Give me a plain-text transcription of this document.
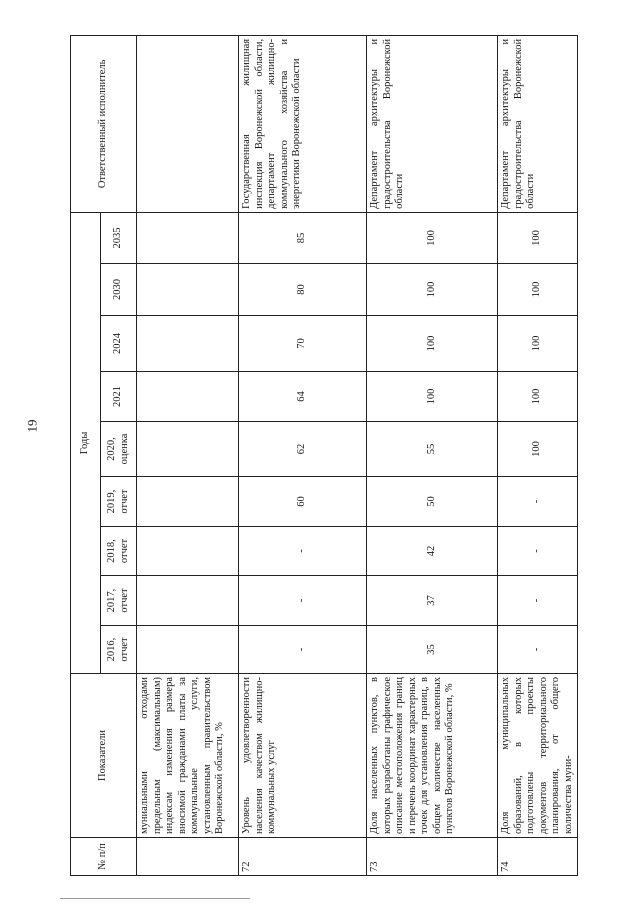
19
№ п/п	Показатели	Годы									Ответственный исполнитель
		2016, отчет	2017, отчет	2018, отчет	2019, отчет	2020, оценка	2021	2024	2030	2035	
	муниальными отходами предельным (максимальным) индексам изменения размера вносимой гражданами платы за коммунальные услуги, установленным правительством Воронежской области, %										
72	Уровень удовлетворенности населения качеством жилищно-коммунальных услуг	-	-	-	60	62	64	70	80	85	Государственная жилищная инспекция Воронежской области, департамент жилищно-коммунального хозяйства и энергетики Воронежской области
73	Доля населенных пунктов, в которых разработаны графическое описание местоположения границ и перечень координат характерных точек для установления границ, в общем количестве населенных пунктов Воронежской области, %	35	37	42	50	55	100	100	100	100	Департамент архитектуры и градостроительства Воронежской области
74	Доля муниципальных образований, в которых подготовлены проекты документов территориального планирования, от общего количества муни-	-	-	-	-	100	100	100	100	100	Департамент архитектуры и градостроительства Воронежской области
